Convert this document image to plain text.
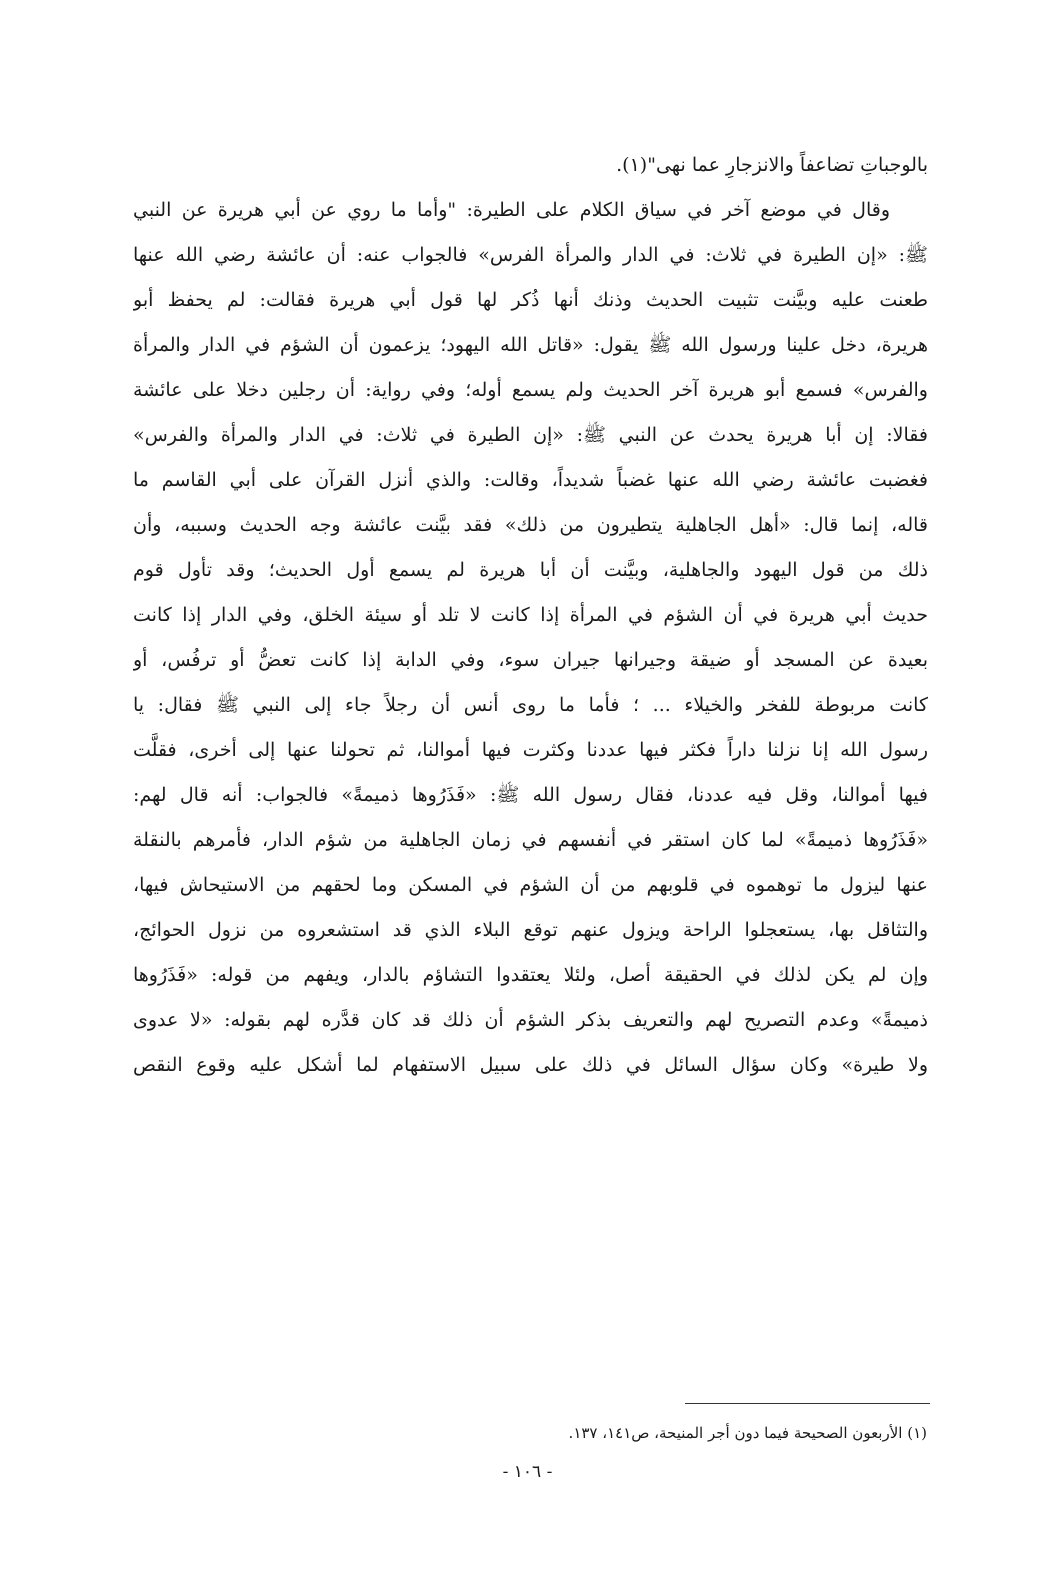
بالوجباتِ تضاعفاً والانزجارِ عما نهى"(١).
وقال في موضع آخر في سياق الكلام على الطيرة: "وأما ما روي عن أبي هريرة عن النبي
ﷺ: «إن الطيرة في ثلاث: في الدار والمرأة الفرس» فالجواب عنه: أن عائشة رضي الله عنها
طعنت عليه وبيَّنت تثبيت الحديث وذنك أنها ذُكر لها قول أبي هريرة فقالت: لم يحفظ أبو
هريرة، دخل علينا ورسول الله ﷺ يقول: «قاتل الله اليهود؛ يزعمون أن الشؤم في الدار والمرأة
والفرس» فسمع أبو هريرة آخر الحديث ولم يسمع أوله؛ وفي رواية: أن رجلين دخلا على عائشة
فقالا: إن أبا هريرة يحدث عن النبي ﷺ: «إن الطيرة في ثلاث: في الدار والمرأة والفرس»
فغضبت عائشة رضي الله عنها غضباً شديداً، وقالت: والذي أنزل القرآن على أبي القاسم ما
قاله، إنما قال: «أهل الجاهلية يتطيرون من ذلك» فقد بيَّنت عائشة وجه الحديث وسببه، وأن
ذلك من قول اليهود والجاهلية، وبيَّنت أن أبا هريرة لم يسمع أول الحديث؛ وقد تأول قوم
حديث أبي هريرة في أن الشؤم في المرأة إذا كانت لا تلد أو سيئة الخلق، وفي الدار إذا كانت
بعيدة عن المسجد أو ضيقة وجيرانها جيران سوء، وفي الدابة إذا كانت تعضُّ أو ترفُس، أو
كانت مربوطة للفخر والخيلاء ... ؛ فأما ما روى أنس أن رجلاً جاء إلى النبي ﷺ فقال: يا
رسول الله إنا نزلنا داراً فكثر فيها عددنا وكثرت فيها أموالنا، ثم تحولنا عنها إلى أخرى، فقلَّت
فيها أموالنا، وقل فيه عددنا، فقال رسول الله ﷺ: «فَذَرُوها ذميمةً» فالجواب: أنه قال لهم:
«فَذَرُوها ذميمةً» لما كان استقر في أنفسهم في زمان الجاهلية من شؤم الدار، فأمرهم بالنقلة
عنها ليزول ما توهموه في قلوبهم من أن الشؤم في المسكن وما لحقهم من الاستيحاش فيها،
والتثاقل بها، يستعجلوا الراحة ويزول عنهم توقع البلاء الذي قد استشعروه من نزول الحوائج،
وإن لم يكن لذلك في الحقيقة أصل، ولئلا يعتقدوا التشاؤم بالدار، ويفهم من قوله: «فَذَرُوها
ذميمةً» وعدم التصريح لهم والتعريف بذكر الشؤم أن ذلك قد كان قدَّره لهم بقوله: «لا عدوى
ولا طيرة» وكان سؤال السائل في ذلك على سبيل الاستفهام لما أشكل عليه وقوع النقص
(١) الأربعون الصحيحة فيما دون أجر المنيحة، ص١٤١، ١٣٧.
- ١٠٦ -
